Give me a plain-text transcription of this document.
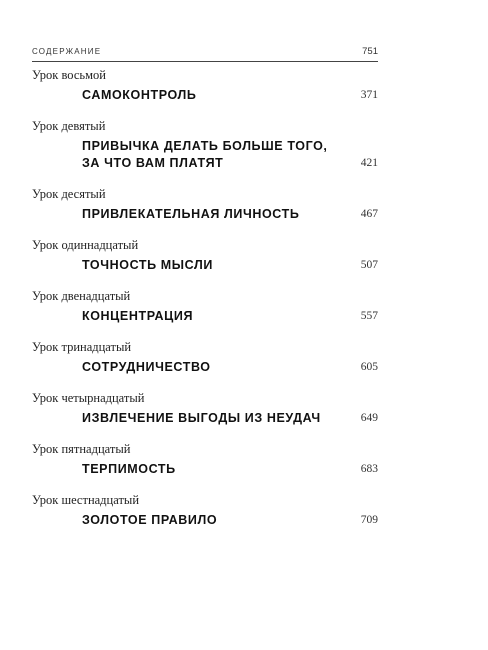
СОДЕРЖАНИЕ	751
Урок восьмой
САМОКОНТРОЛЬ	371
Урок девятый
ПРИВЫЧКА ДЕЛАТЬ БОЛЬШЕ ТОГО,
ЗА ЧТО ВАМ ПЛАТЯТ	421
Урок десятый
ПРИВЛЕКАТЕЛЬНАЯ ЛИЧНОСТЬ	467
Урок одиннадцатый
ТОЧНОСТЬ МЫСЛИ	507
Урок двенадцатый
КОНЦЕНТРАЦИЯ	557
Урок тринадцатый
СОТРУДНИЧЕСТВО	605
Урок четырнадцатый
ИЗВЛЕЧЕНИЕ ВЫГОДЫ ИЗ НЕУДАЧ	649
Урок пятнадцатый
ТЕРПИМОСТЬ	683
Урок шестнадцатый
ЗОЛОТОЕ ПРАВИЛО	709
